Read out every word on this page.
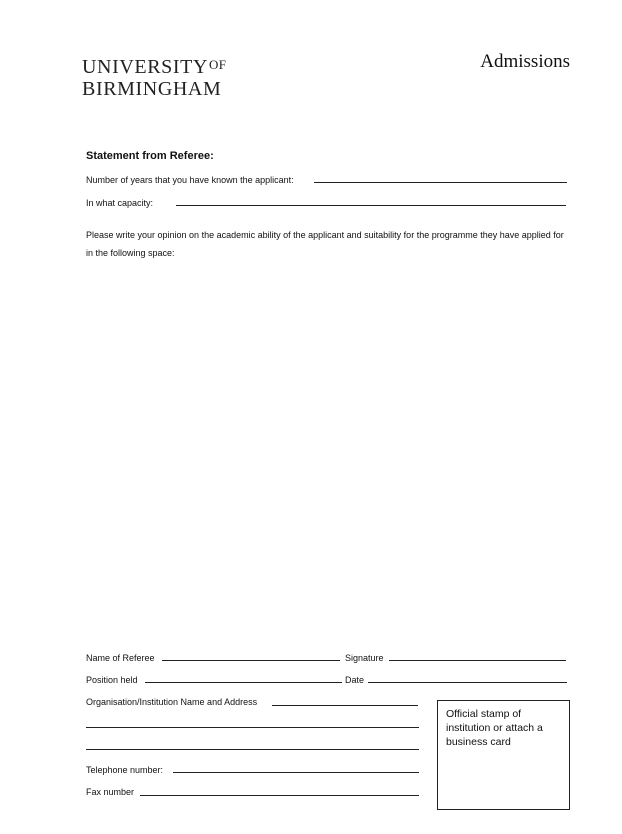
$UNIVERSITY^{OF}$
BIRMINGHAM
Admissions
Statement from Referee:
Number of years that you have known the applicant:
In what capacity:
Please write your opinion on the academic ability of the applicant and suitability for the programme they have applied for in the following space:
Name of Referee	Signature
Position held	Date
Organisation/Institution Name and Address
Telephone number:
Fax number
Official stamp of institution or attach a business card
